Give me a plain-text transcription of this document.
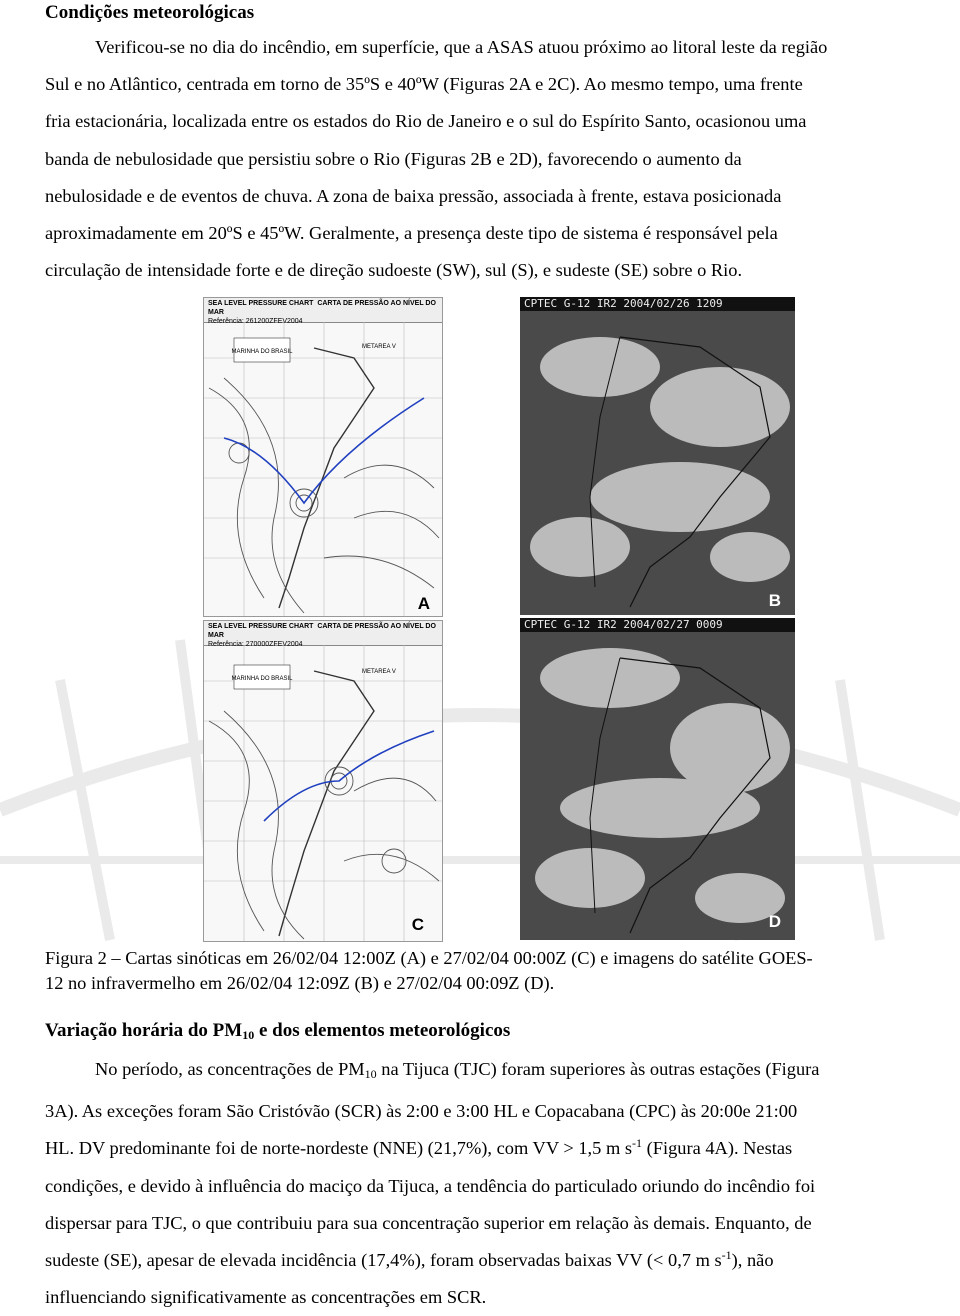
Condições meteorológicas

Verificou-se no dia do incêndio, em superfície, que a ASAS atuou próximo ao litoral leste da região
Sul e no Atlântico, centrada em torno de 35ºS e 40ºW (Figuras 2A e 2C). Ao mesmo tempo, uma frente
fria estacionária, localizada entre os estados do Rio de Janeiro e o sul do Espírito Santo, ocasionou uma
banda de nebulosidade que persistiu sobre o Rio (Figuras 2B e 2D), favorecendo o aumento da
nebulosidade e de eventos de chuva. A zona de baixa pressão, associada à frente, estava posicionada
aproximadamente em 20ºS e 45ºW. Geralmente, a presença deste tipo de sistema é responsável pela
circulação de intensidade forte e de direção sudoeste (SW), sul (S), e sudeste (SE) sobre o Rio.

SEA LEVEL PRESSURE CHART CARTA DE PRESSÃO AO NÍVEL DO MAR
Referência: 261200ZFEV2004
MARINHA DO BRASIL
METAREA V
A
CPTEC G-12 IR2 2004/02/26 1209
B
SEA LEVEL PRESSURE CHART CARTA DE PRESSÃO AO NÍVEL DO MAR
Referência: 270000ZFEV2004
MARINHA DO BRASIL
METAREA V
C
CPTEC G-12 IR2 2004/02/27 0009
D

Figura 2 – Cartas sinóticas em 26/02/04 12:00Z (A) e 27/02/04 00:00Z (C) e imagens do satélite GOES-
12 no infravermelho em 26/02/04 12:09Z (B) e 27/02/04 00:09Z (D).

Variação horária do $PM_{10}$ e dos elementos meteorológicos

No período, as concentrações de $PM_{10}$ na Tijuca (TJC) foram superiores às outras estações (Figura
3A). As exceções foram São Cristóvão (SCR) às 2:00 e 3:00 HL e Copacabana (CPC) às 20:00e 21:00
HL. DV predominante foi de norte-nordeste (NNE) (21,7%), com VV > 1,5 m $s^{-1}$ (Figura 4A). Nestas
condições, e devido à influência do maciço da Tijuca, a tendência do particulado oriundo do incêndio foi
dispersar para TJC, o que contribuiu para sua concentração superior em relação às demais. Enquanto, de
sudeste (SE), apesar de elevada incidência (17,4%), foram observadas baixas VV (< 0,7 m $s^{-1}$), não
influenciando significativamente as concentrações em SCR.
